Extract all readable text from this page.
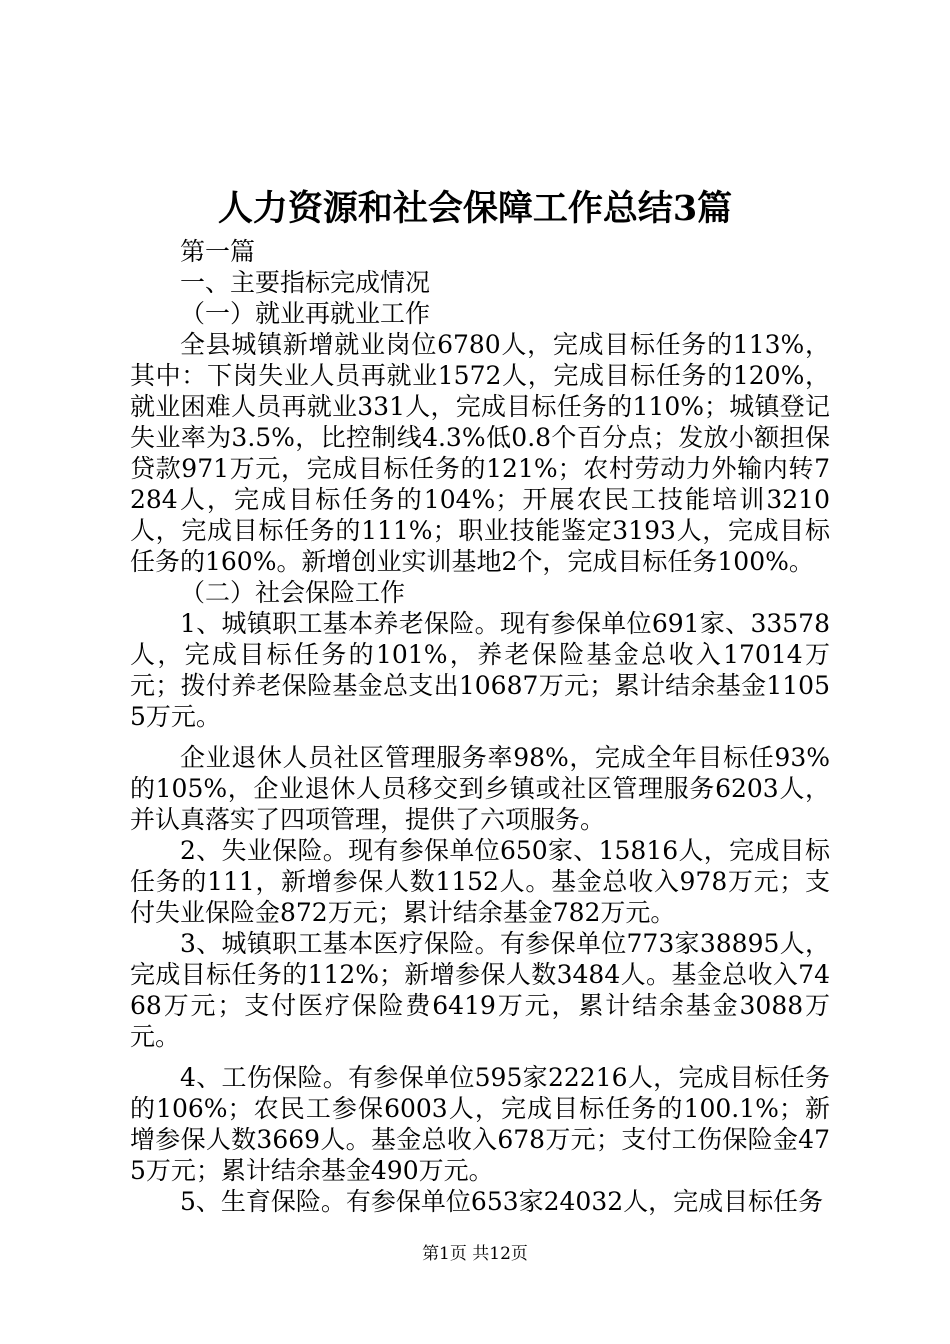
人力资源和社会保障工作总结3篇

第一篇

一、主要指标完成情况

（一）就业再就业工作

全县城镇新增就业岗位6780人，完成目标任务的113%，其中：下岗失业人员再就业1572人，完成目标任务的120%，就业困难人员再就业331人，完成目标任务的110%；城镇登记失业率为3.5%，比控制线4.3%低0.8个百分点；发放小额担保贷款971万元，完成目标任务的121%；农村劳动力外输内转7284人，完成目标任务的104%；开展农民工技能培训3210人，完成目标任务的111%；职业技能鉴定3193人，完成目标任务的160%。新增创业实训基地2个，完成目标任务100%。

（二）社会保险工作

1、城镇职工基本养老保险。现有参保单位691家、33578人，完成目标任务的101%，养老保险基金总收入17014万元；拨付养老保险基金总支出10687万元；累计结余基金11055万元。

企业退休人员社区管理服务率98%，完成全年目标任93%的105%，企业退休人员移交到乡镇或社区管理服务6203人，并认真落实了四项管理，提供了六项服务。

2、失业保险。现有参保单位650家、15816人，完成目标任务的111，新增参保人数1152人。基金总收入978万元；支付失业保险金872万元；累计结余基金782万元。

3、城镇职工基本医疗保险。有参保单位773家38895人，完成目标任务的112%；新增参保人数3484人。基金总收入7468万元；支付医疗保险费6419万元，累计结余基金3088万元。

4、工伤保险。有参保单位595家22216人，完成目标任务的106%；农民工参保6003人，完成目标任务的100.1%；新增参保人数3669人。基金总收入678万元；支付工伤保险金475万元；累计结余基金490万元。

5、生育保险。有参保单位653家24032人，完成目标任务

第1页 共12页
